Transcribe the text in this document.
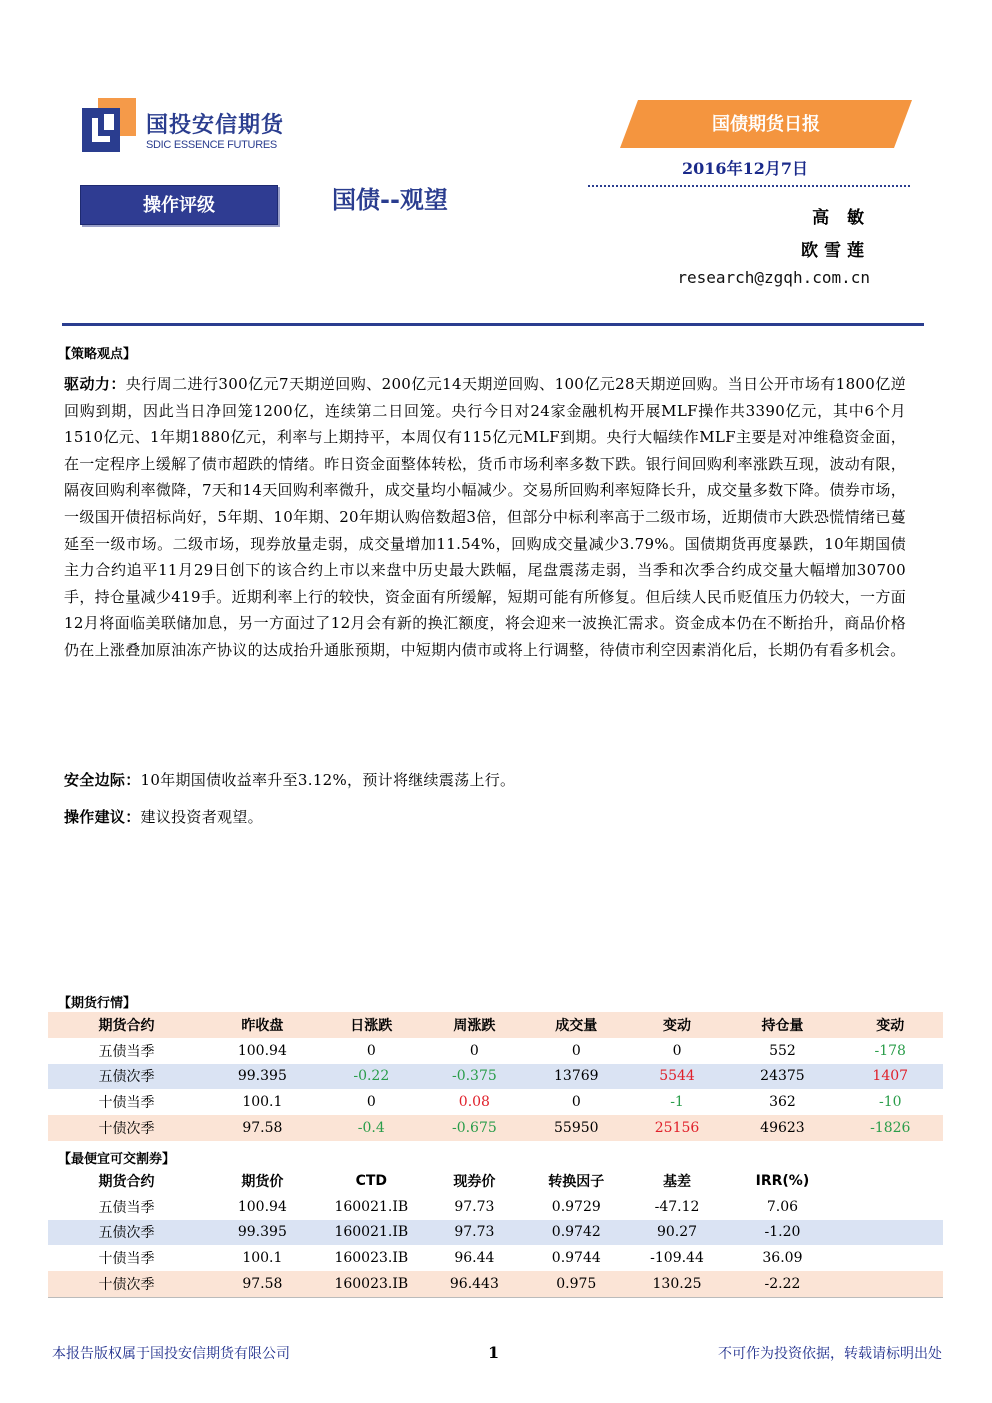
国投安信期货
SDIC ESSENCE FUTURES
国债期货日报
2016年12月7日
操作评级	国债--观望
高 敏
欧雪莲
research@zgqh.com.cn
【策略观点】
驱动力：央行周二进行300亿元7天期逆回购、200亿元14天期逆回购、100亿元28天期逆回购。当日公开市场有1800亿逆回购到期，因此当日净回笼1200亿，连续第二日回笼。央行今日对24家金融机构开展MLF操作共3390亿元，其中6个月1510亿元、1年期1880亿元，利率与上期持平，本周仅有115亿元MLF到期。央行大幅续作MLF主要是对冲维稳资金面，在一定程序上缓解了债市超跌的情绪。昨日资金面整体转松，货币市场利率多数下跌。银行间回购利率涨跌互现，波动有限，隔夜回购利率微降，7天和14天回购利率微升，成交量均小幅减少。交易所回购利率短降长升，成交量多数下降。债券市场，一级国开债招标尚好，5年期、10年期、20年期认购倍数超3倍，但部分中标利率高于二级市场，近期债市大跌恐慌情绪已蔓延至一级市场。二级市场，现券放量走弱，成交量增加11.54%，回购成交量减少3.79%。国债期货再度暴跌，10年期国债主力合约追平11月29日创下的该合约上市以来盘中历史最大跌幅，尾盘震荡走弱，当季和次季合约成交量大幅增加30700手，持仓量减少419手。近期利率上行的较快，资金面有所缓解，短期可能有所修复。但后续人民币贬值压力仍较大，一方面12月将面临美联储加息，另一方面过了12月会有新的换汇额度，将会迎来一波换汇需求。资金成本仍在不断抬升，商品价格仍在上涨叠加原油冻产协议的达成抬升通胀预期，中短期内债市或将上行调整，待债市利空因素消化后，长期仍有看多机会。
安全边际：10年期国债收益率升至3.12%，预计将继续震荡上行。
操作建议：建议投资者观望。
【期货行情】
期货合约	昨收盘	日涨跌	周涨跌	成交量	变动	持仓量	变动
五债当季	100.94	0	0	0	0	552	-178
五债次季	99.395	-0.22	-0.375	13769	5544	24375	1407
十债当季	100.1	0	0.08	0	-1	362	-10
十债次季	97.58	-0.4	-0.675	55950	25156	49623	-1826
【最便宜可交割券】
期货合约	期货价	CTD	现券价	转换因子	基差	IRR(%)	
五债当季	100.94	160021.IB	97.73	0.9729	-47.12	7.06	
五债次季	99.395	160021.IB	97.73	0.9742	90.27	-1.20	
十债当季	100.1	160023.IB	96.44	0.9744	-109.44	36.09	
十债次季	97.58	160023.IB	96.443	0.975	130.25	-2.22	
本报告版权属于国投安信期货有限公司	1	不可作为投资依据，转载请标明出处
